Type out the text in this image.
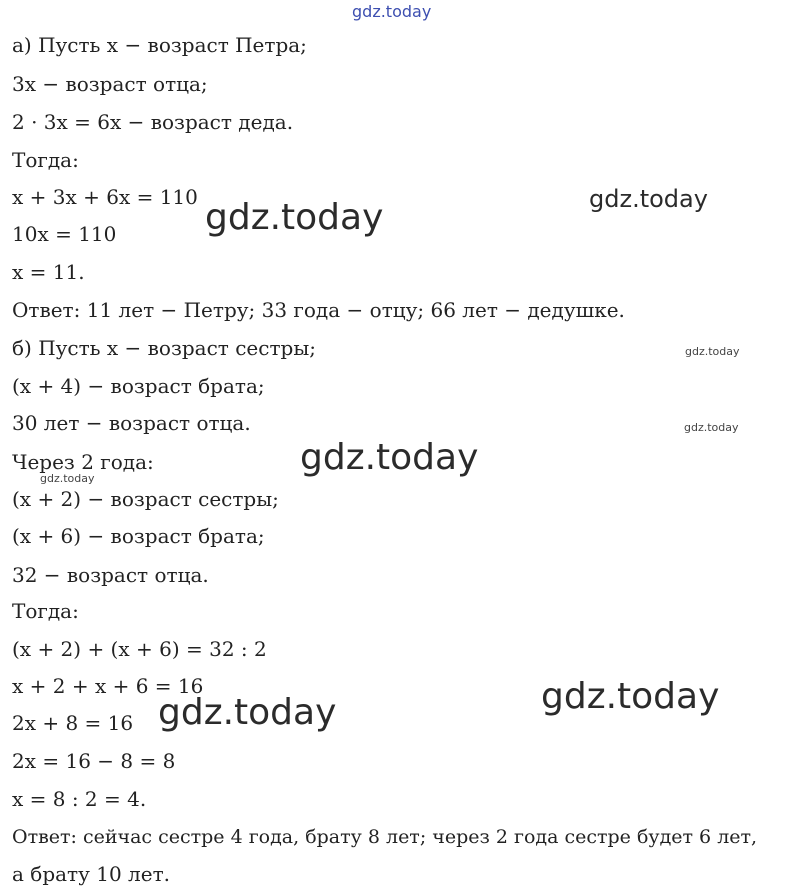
а) Пусть x − возраст Петра;
3x − возраст отца;
2 · 3x = 6x − возраст деда.
Тогда:
x + 3x + 6x = 110
10x = 110
x = 11.
Ответ: 11 лет − Петру; 33 года − отцу; 66 лет − дедушке.
б) Пусть x − возраст сестры;
(x + 4) − возраст брата;
30 лет − возраст отца.
Через 2 года:
(x + 2) − возраст сестры;
(x + 6) − возраст брата;
32 − возраст отца.
Тогда:
(x + 2) + (x + 6) = 32 : 2
x + 2 + x + 6 = 16
2x + 8 = 16
2x = 16 − 8 = 8
x = 8 : 2 = 4.
Ответ: сейчас сестре 4 года, брату 8 лет; через 2 года сестре будет 6 лет,
а брату 10 лет.
gdz.today
gdz.today	gdz.today
gdz.today
gdz.today
gdz.today
gdz.today
gdz.today
gdz.today
